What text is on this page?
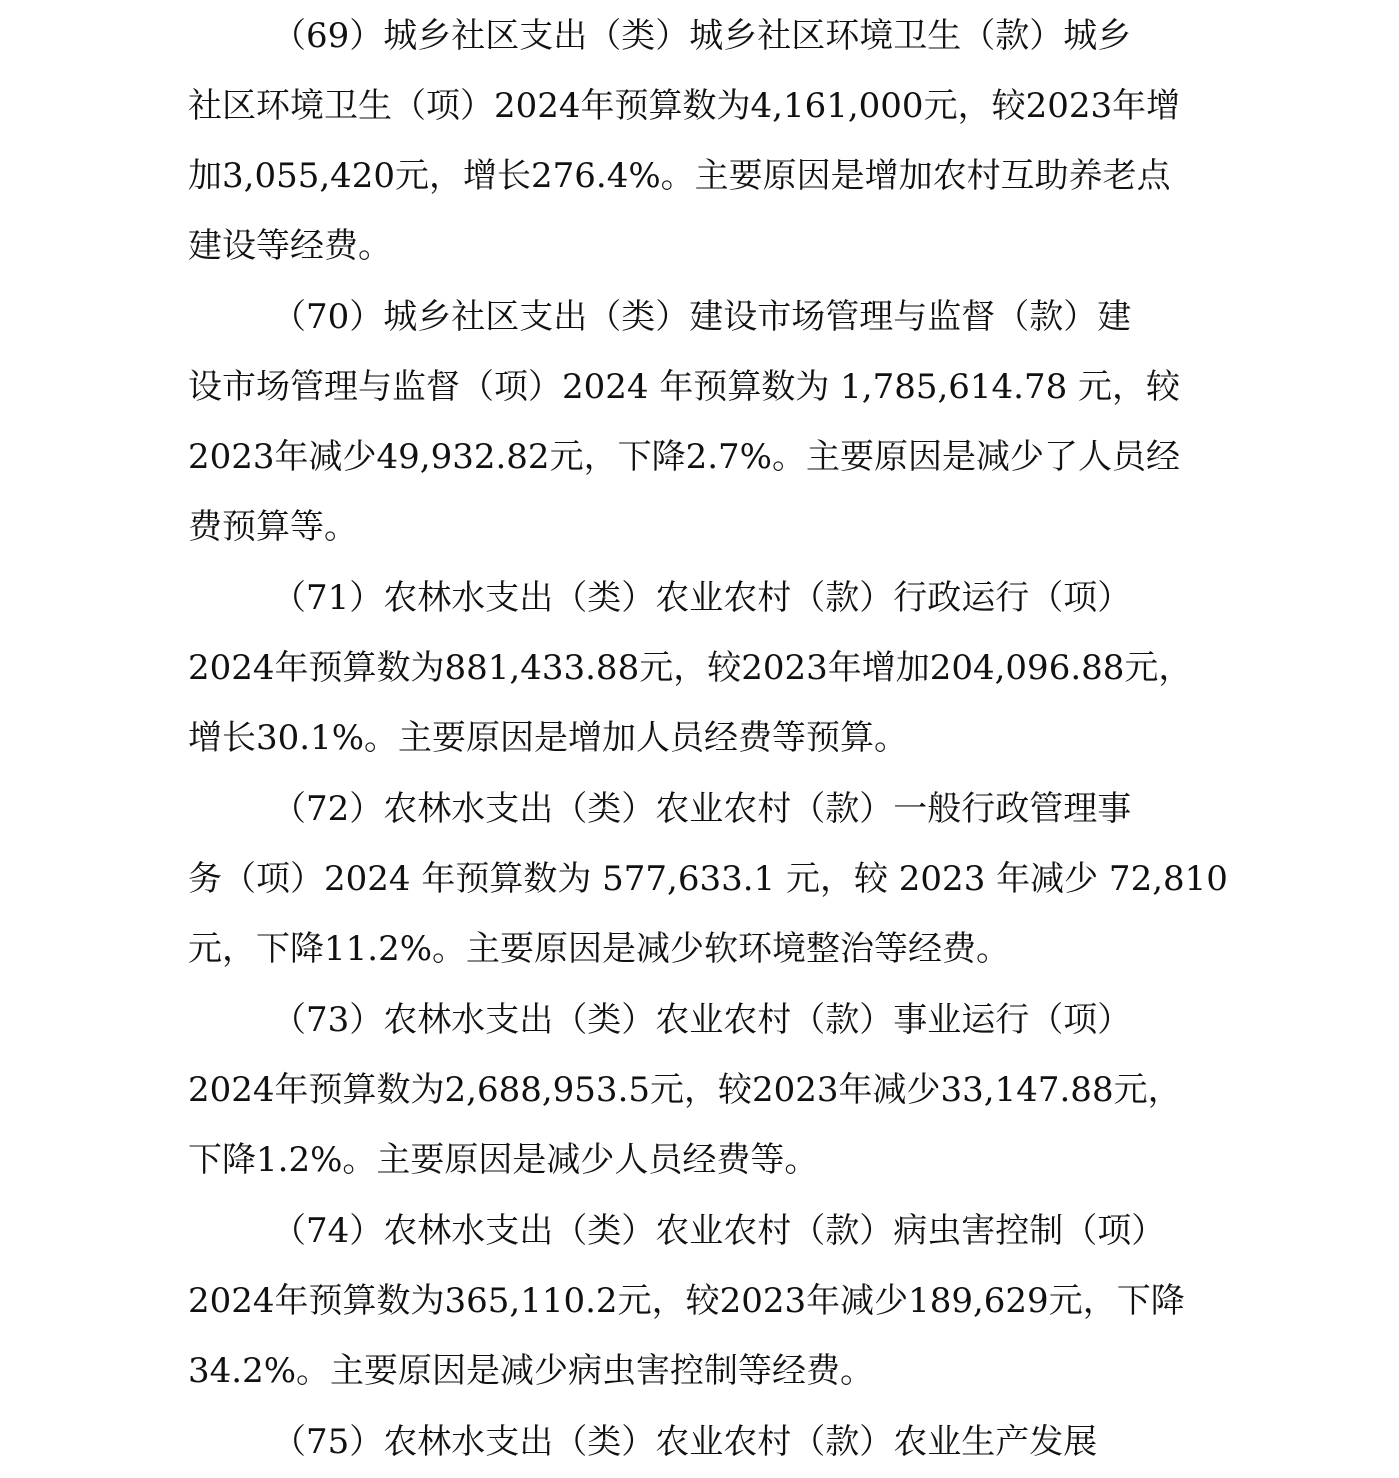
（69）城乡社区支出（类）城乡社区环境卫生（款）城乡
社区环境卫生（项）2024年预算数为4,161,000元，较2023年增
加3,055,420元，增长276.4%。主要原因是增加农村互助养老点
建设等经费。
（70）城乡社区支出（类）建设市场管理与监督（款）建
设市场管理与监督（项）2024 年预算数为 1,785,614.78 元，较
2023年减少49,932.82元，下降2.7%。主要原因是减少了人员经
费预算等。
（71）农林水支出（类）农业农村（款）行政运行（项）
2024年预算数为881,433.88元，较2023年增加204,096.88元，
增长30.1%。主要原因是增加人员经费等预算。
（72）农林水支出（类）农业农村（款）一般行政管理事
务（项）2024 年预算数为 577,633.1 元，较 2023 年减少 72,810
元，下降11.2%。主要原因是减少软环境整治等经费。
（73）农林水支出（类）农业农村（款）事业运行（项）
2024年预算数为2,688,953.5元，较2023年减少33,147.88元，
下降1.2%。主要原因是减少人员经费等。
（74）农林水支出（类）农业农村（款）病虫害控制（项）
2024年预算数为365,110.2元，较2023年减少189,629元，下降
34.2%。主要原因是减少病虫害控制等经费。
（75）农林水支出（类）农业农村（款）农业生产发展
